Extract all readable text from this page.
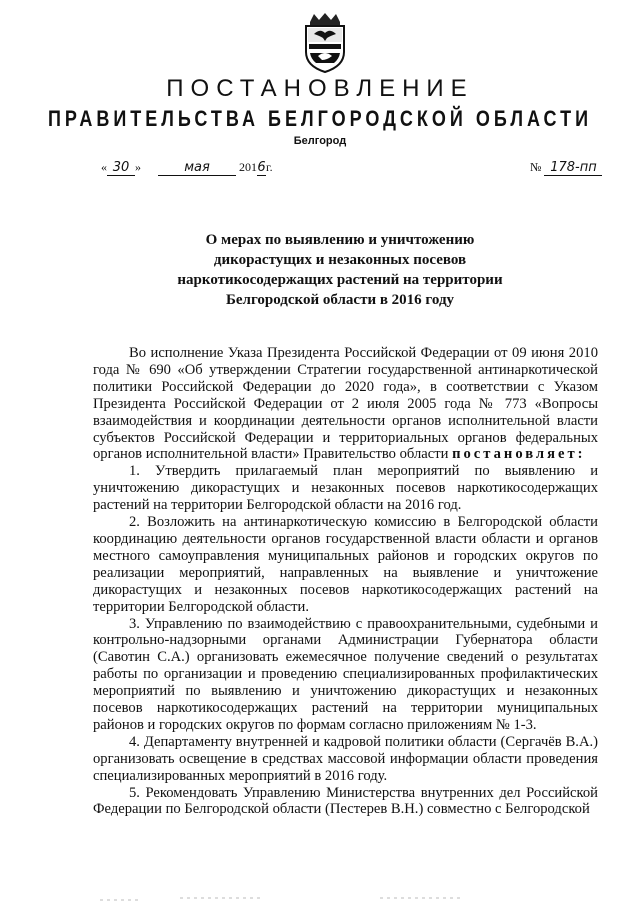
ПОСТАНОВЛЕНИЕ
ПРАВИТЕЛЬСТВА БЕЛГОРОДСКОЙ ОБЛАСТИ
Белгород
« 30 »	мая 2016г.	№ 178-пп
О мерах по выявлению и уничтожению
дикорастущих и незаконных посевов
наркотикосодержащих растений на территории
Белгородской области в 2016 году

Во исполнение Указа Президента Российской Федерации от 09 июня 2010 года № 690 «Об утверждении Стратегии государственной антинаркотической политики Российской Федерации до 2020 года», в соответствии с Указом Президента Российской Федерации от 2 июля 2005 года № 773 «Вопросы взаимодействия и координации деятельности органов исполнительной власти субъектов Российской Федерации и территориальных органов федеральных органов исполнительной власти» Правительство области постановляет:

1. Утвердить прилагаемый план мероприятий по выявлению и уничтожению дикорастущих и незаконных посевов наркотикосодержащих растений на территории Белгородской области на 2016 год.

2. Возложить на антинаркотическую комиссию в Белгородской области координацию деятельности органов государственной власти области и органов местного самоуправления муниципальных районов и городских округов по реализации мероприятий, направленных на выявление и уничтожение дикорастущих и незаконных посевов наркотикосодержащих растений на территории Белгородской области.

3. Управлению по взаимодействию с правоохранительными, судебными и контрольно-надзорными органами Администрации Губернатора области (Савотин С.А.) организовать ежемесячное получение сведений о результатах работы по организации и проведению специализированных профилактических мероприятий по выявлению и уничтожению дикорастущих и незаконных посевов наркотикосодержащих растений на территории муниципальных районов и городских округов по формам согласно приложениям № 1-3.

4. Департаменту внутренней и кадровой политики области (Сергачёв В.А.) организовать освещение в средствах массовой информации области проведения специализированных мероприятий в 2016 году.

5. Рекомендовать Управлению Министерства внутренних дел Российской Федерации по Белгородской области (Пестерев В.Н.) совместно с Белгородской
